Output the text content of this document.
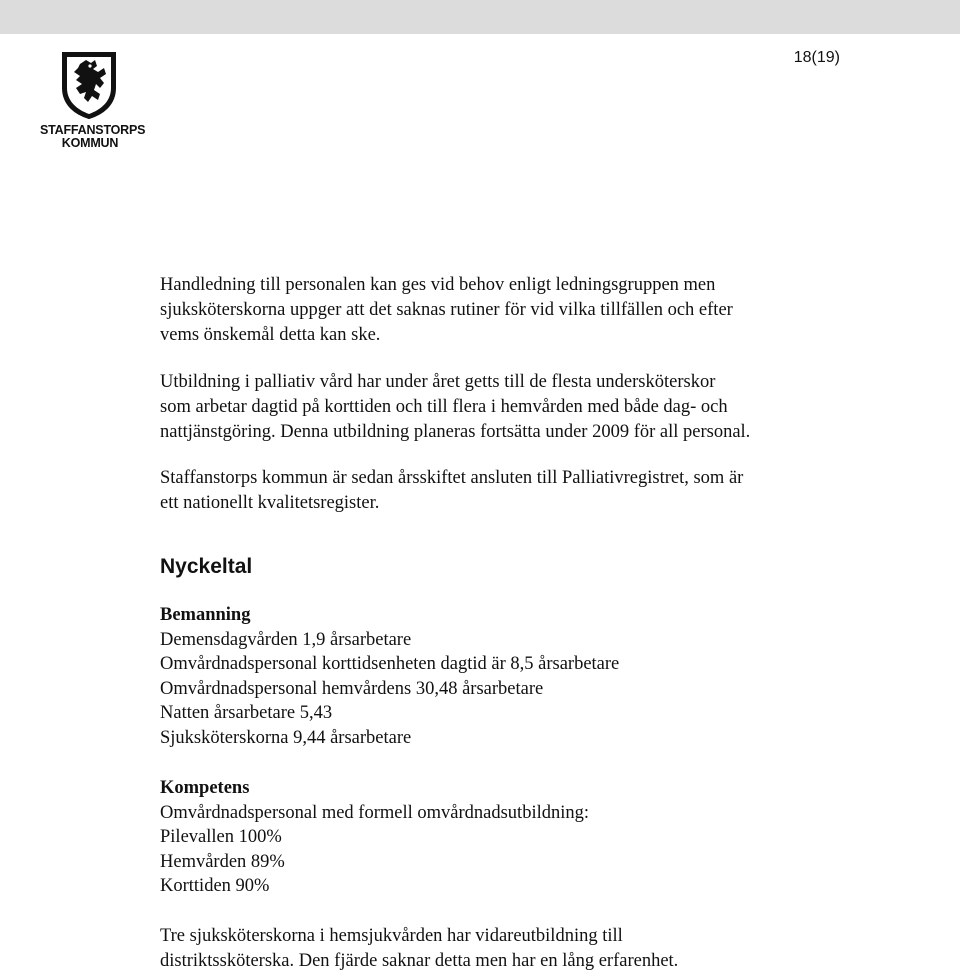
18(19)
STAFFANSTORPS
KOMMUN
Handledning till personalen kan ges vid behov enligt ledningsgruppen men
sjuksköterskorna uppger att det saknas rutiner för vid vilka tillfällen och efter
vems önskemål detta kan ske.
Utbildning i palliativ vård har under året getts till de flesta undersköterskor
som arbetar dagtid på korttiden och till flera i hemvården med både dag- och
nattjänstgöring. Denna utbildning planeras fortsätta under 2009 för all personal.
Staffanstorps kommun är sedan årsskiftet ansluten till Palliativregistret, som är
ett nationellt kvalitetsregister.
Nyckeltal
Bemanning
Demensdagvården 1,9 årsarbetare
Omvårdnadspersonal korttidsenheten dagtid är 8,5 årsarbetare
Omvårdnadspersonal hemvårdens 30,48 årsarbetare
Natten årsarbetare 5,43
Sjuksköterskorna 9,44 årsarbetare
Kompetens
Omvårdnadspersonal med formell omvårdnadsutbildning:
Pilevallen 100%
Hemvården 89%
Korttiden 90%
Tre sjuksköterskorna i hemsjukvården har vidareutbildning till
distriktssköterska. Den fjärde saknar detta men har en lång erfarenhet.
